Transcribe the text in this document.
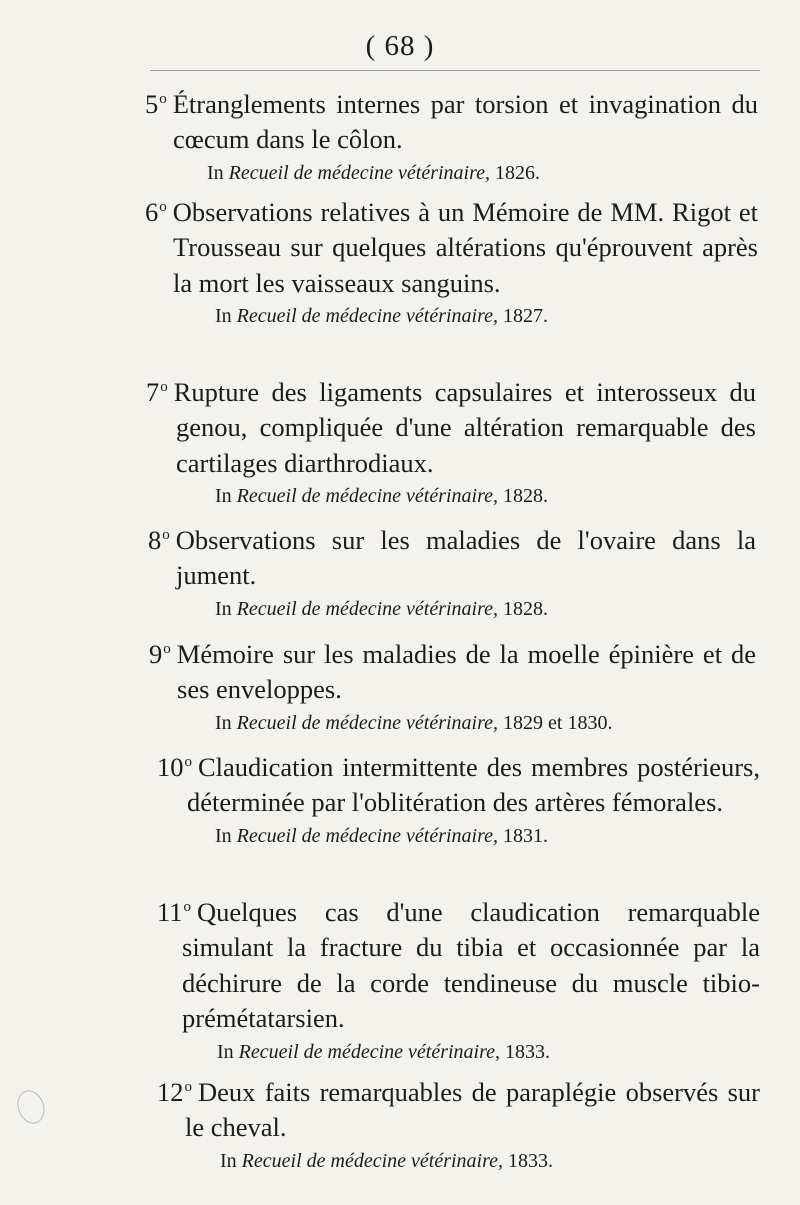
( 68 )

5$^o$ Étranglements internes par torsion et invagination du cœcum dans le côlon.

In Recueil de médecine vétérinaire, 1826.

6$^o$ Observations relatives à un Mémoire de MM. Rigot et Trousseau sur quelques altérations qu'éprouvent après la mort les vaisseaux sanguins.

In Recueil de médecine vétérinaire, 1827.

7$^o$ Rupture des ligaments capsulaires et interosseux du genou, compliquée d'une altération remarquable des cartilages diarthrodiaux.

In Recueil de médecine vétérinaire, 1828.

8$^o$ Observations sur les maladies de l'ovaire dans la jument.

In Recueil de médecine vétérinaire, 1828.

9$^o$ Mémoire sur les maladies de la moelle épinière et de ses enveloppes.

In Recueil de médecine vétérinaire, 1829 et 1830.

10$^o$ Claudication intermittente des membres postérieurs, déterminée par l'oblitération des artères fémorales.

In Recueil de médecine vétérinaire, 1831.

11$^o$ Quelques cas d'une claudication remarquable simulant la fracture du tibia et occasionnée par la déchirure de la corde tendineuse du muscle tibio-prémétatarsien.

In Recueil de médecine vétérinaire, 1833.

12$^o$ Deux faits remarquables de paraplégie observés sur le cheval.

In Recueil de médecine vétérinaire, 1833.
